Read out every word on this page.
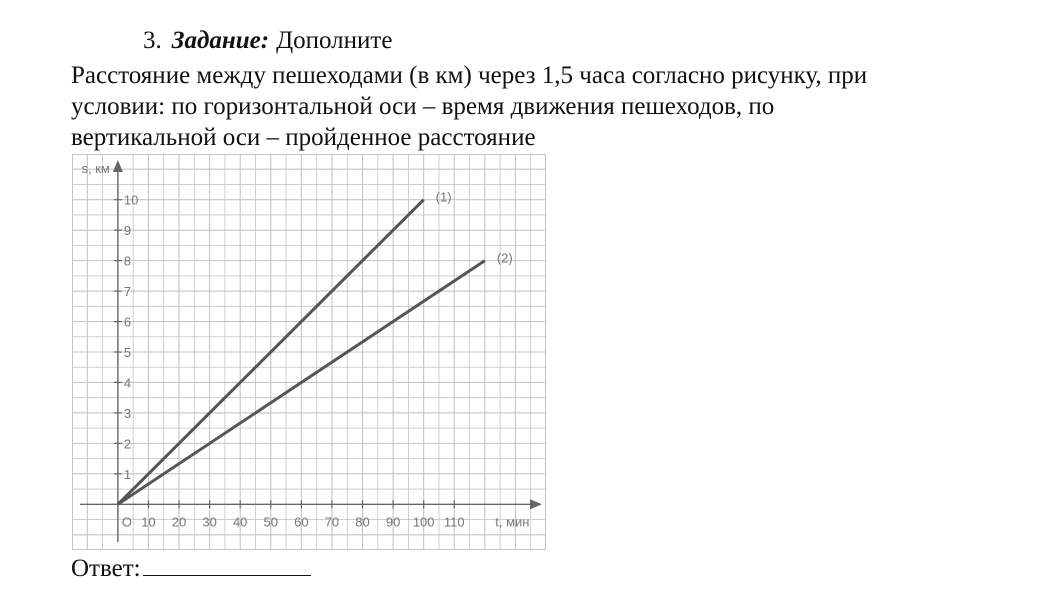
3. Задание: Дополните
Расстояние между пешеходами (в км) через 1,5 часа согласно рисунку, при
условии: по горизонтальной оси – время движения пешеходов, по
вертикальной оси – пройденное расстояние
1
2
3
4
5
6
7
8
9
10
10 20 30 40 50 60 70 80 90 100 110
O	t, мин
s, км
(1)
(2)
Ответ:
